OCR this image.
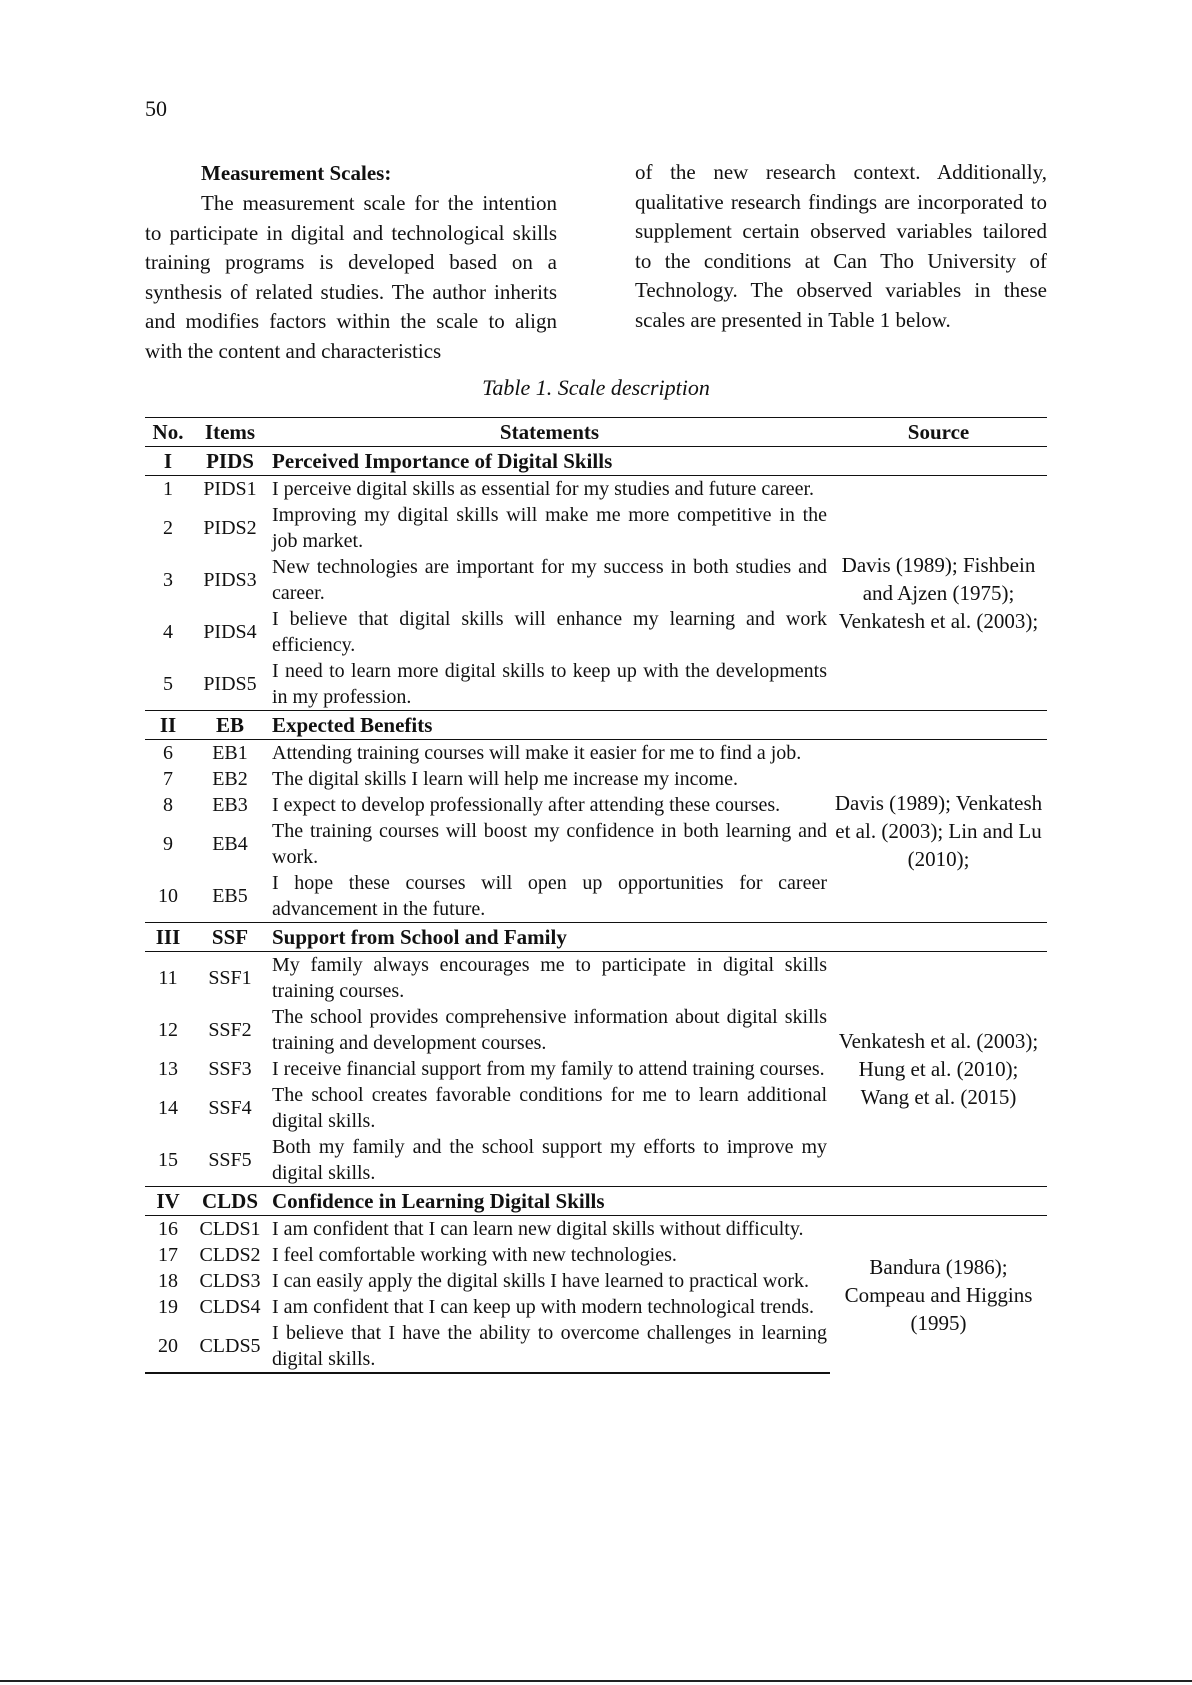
50
Measurement Scales:

The measurement scale for the intention to participate in digital and technological skills training programs is developed based on a synthesis of related studies. The author inherits and modifies factors within the scale to align with the content and characteristics

of the new research context. Additionally, qualitative research findings are incorporated to supplement certain observed variables tailored to the conditions at Can Tho University of Technology. The observed variables in these scales are presented in Table 1 below.

Table 1. Scale description
No.	Items	Statements	Source
I	PIDS	Perceived Importance of Digital Skills	
1	PIDS1	I perceive digital skills as essential for my studies and future career.	Davis (1989); Fishbein and Ajzen (1975); Venkatesh et al. (2003);
2	PIDS2	Improving my digital skills will make me more competitive in the job market.	
3	PIDS3	New technologies are important for my success in both studies and career.	
4	PIDS4	I believe that digital skills will enhance my learning and work efficiency.	
5	PIDS5	I need to learn more digital skills to keep up with the developments in my profession.	
II	EB	Expected Benefits	
6	EB1	Attending training courses will make it easier for me to find a job.	Davis (1989); Venkatesh et al. (2003); Lin and Lu (2010);
7	EB2	The digital skills I learn will help me increase my income.	
8	EB3	I expect to develop professionally after attending these courses.	
9	EB4	The training courses will boost my confidence in both learning and work.	
10	EB5	I hope these courses will open up opportunities for career advancement in the future.	
III	SSF	Support from School and Family	
11	SSF1	My family always encourages me to participate in digital skills training courses.	Venkatesh et al. (2003); Hung et al. (2010); Wang et al. (2015)
12	SSF2	The school provides comprehensive information about digital skills training and development courses.	
13	SSF3	I receive financial support from my family to attend training courses.	
14	SSF4	The school creates favorable conditions for me to learn additional digital skills.	
15	SSF5	Both my family and the school support my efforts to improve my digital skills.	
IV	CLDS	Confidence in Learning Digital Skills	
16	CLDS1	I am confident that I can learn new digital skills without difficulty.	Bandura (1986); Compeau and Higgins (1995)
17	CLDS2	I feel comfortable working with new technologies.	
18	CLDS3	I can easily apply the digital skills I have learned to practical work.	
19	CLDS4	I am confident that I can keep up with modern technological trends.	
20	CLDS5	I believe that I have the ability to overcome challenges in learning digital skills.	
